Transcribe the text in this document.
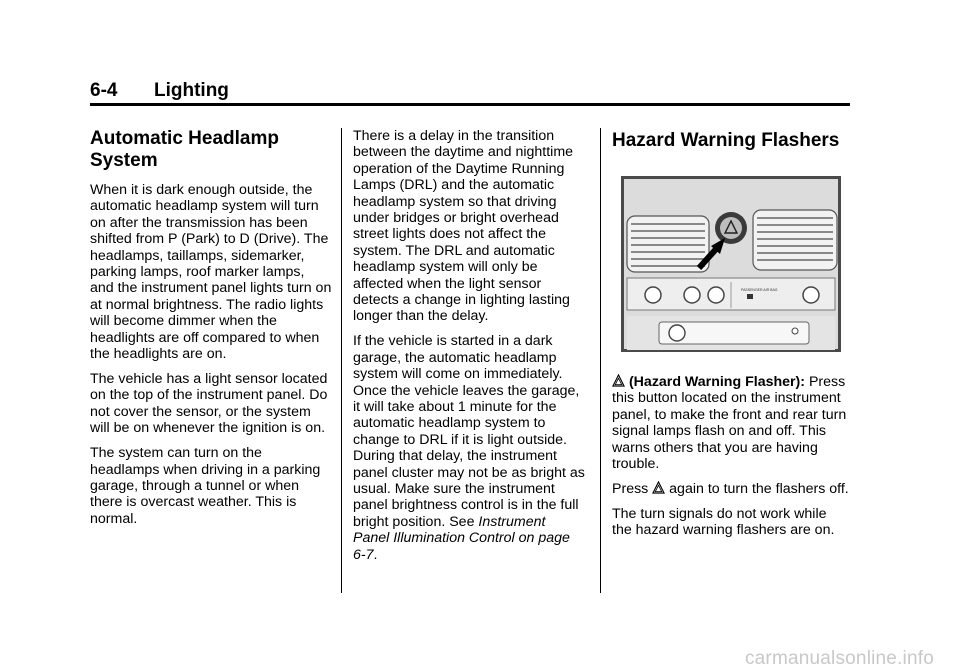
6-4 Lighting
Automatic Headlamp System

When it is dark enough outside, the automatic headlamp system will turn on after the transmission has been shifted from P (Park) to D (Drive). The headlamps, taillamps, sidemarker, parking lamps, roof marker lamps, and the instrument panel lights turn on at normal brightness. The radio lights will become dimmer when the headlights are off compared to when the headlights are on.

The vehicle has a light sensor located on the top of the instrument panel. Do not cover the sensor, or the system will be on whenever the ignition is on.

The system can turn on the headlamps when driving in a parking garage, through a tunnel or when there is overcast weather. This is normal.

There is a delay in the transition between the daytime and nighttime operation of the Daytime Running Lamps (DRL) and the automatic headlamp system so that driving under bridges or bright overhead street lights does not affect the system. The DRL and automatic headlamp system will only be affected when the light sensor detects a change in lighting lasting longer than the delay.

If the vehicle is started in a dark garage, the automatic headlamp system will come on immediately. Once the vehicle leaves the garage, it will take about 1 minute for the automatic headlamp system to change to DRL if it is light outside. During that delay, the instrument panel cluster may not be as bright as usual. Make sure the instrument panel brightness control is in the full bright position. See Instrument Panel Illumination Control on page 6-7.

Hazard Warning Flashers

(Hazard Warning Flasher): Press this button located on the instrument panel, to make the front and rear turn signal lamps flash on and off. This warns others that you are having trouble.

Press  again to turn the flashers off.

The turn signals do not work while the hazard warning flashers are on.

PASSENGER AIR BAG
carmanualsonline.info
